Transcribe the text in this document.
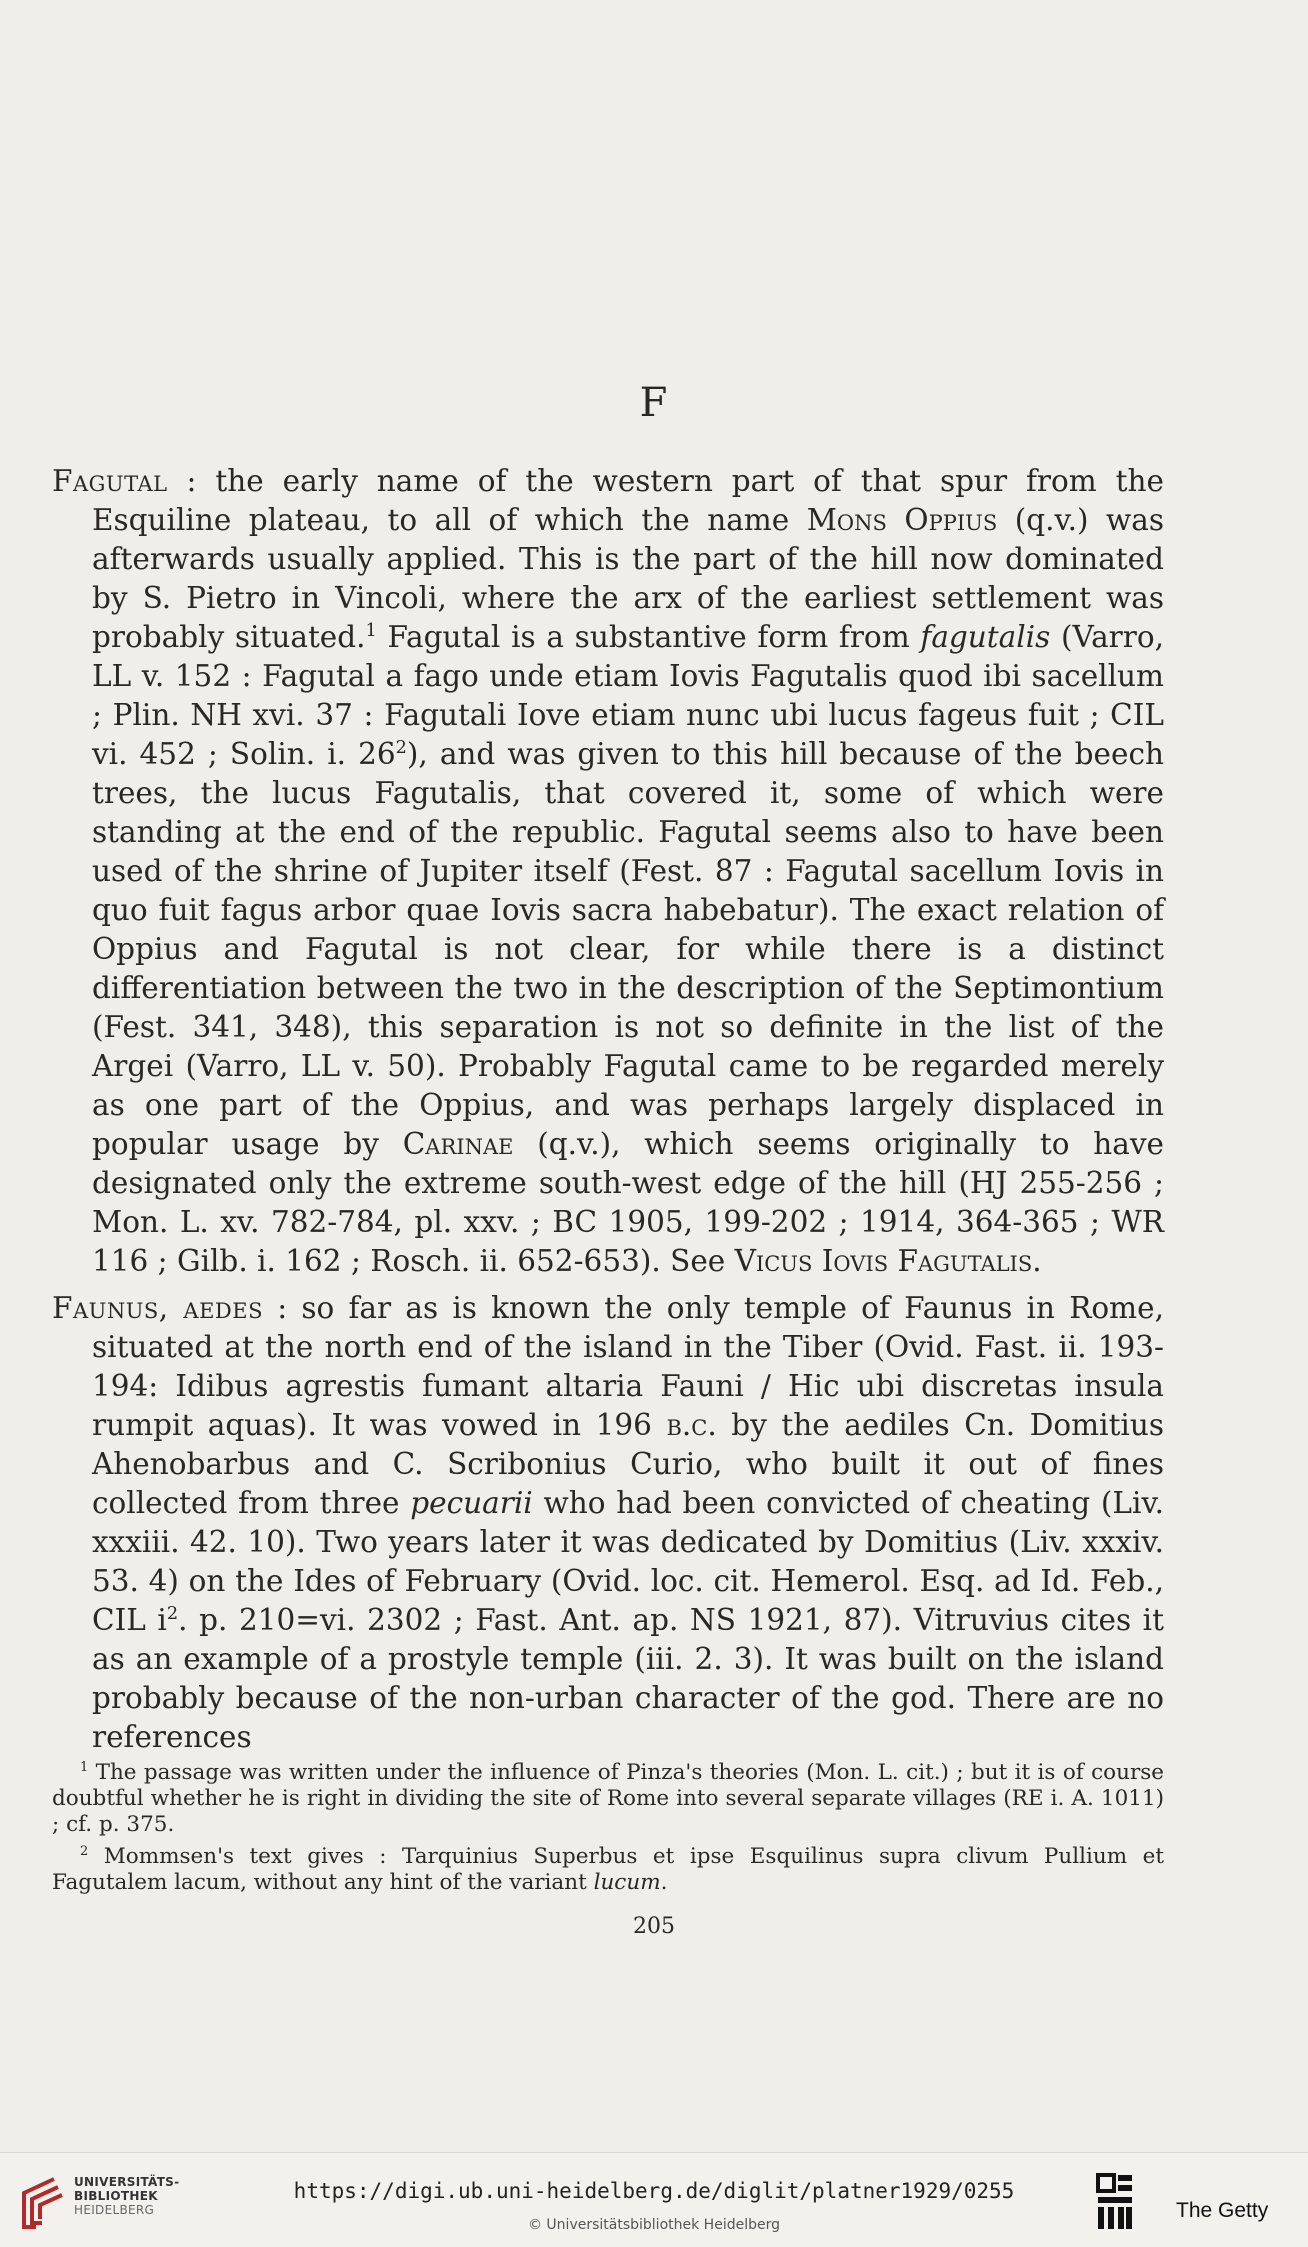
F

Fagutal : the early name of the western part of that spur from the Esquiline plateau, to all of which the name Mons Oppius (q.v.) was afterwards usually applied. This is the part of the hill now dominated by S. Pietro in Vincoli, where the arx of the earliest settlement was probably situated.$^1$ Fagutal is a substantive form from fagutalis (Varro, LL v. 152 : Fagutal a fago unde etiam Iovis Fagutalis quod ibi sacellum ; Plin. NH xvi. 37 : Fagutali Iove etiam nunc ubi lucus fageus fuit ; CIL vi. 452 ; Solin. i. $26^2$), and was given to this hill because of the beech trees, the lucus Fagutalis, that covered it, some of which were standing at the end of the republic. Fagutal seems also to have been used of the shrine of Jupiter itself (Fest. 87 : Fagutal sacellum Iovis in quo fuit fagus arbor quae Iovis sacra habebatur). The exact relation of Oppius and Fagutal is not clear, for while there is a distinct differentiation between the two in the description of the Septimontium (Fest. 341, 348), this separation is not so definite in the list of the Argei (Varro, LL v. 50). Probably Fagutal came to be regarded merely as one part of the Oppius, and was perhaps largely displaced in popular usage by Carinae (q.v.), which seems originally to have designated only the extreme south-west edge of the hill (HJ 255-256 ; Mon. L. xv. 782-784, pl. xxv. ; BC 1905, 199-202 ; 1914, 364-365 ; WR 116 ; Gilb. i. 162 ; Rosch. ii. 652-653). See Vicus Iovis Fagutalis.

Faunus, aedes : so far as is known the only temple of Faunus in Rome, situated at the north end of the island in the Tiber (Ovid. Fast. ii. 193-194: Idibus agrestis fumant altaria Fauni / Hic ubi discretas insula rumpit aquas). It was vowed in 196 b.c. by the aediles Cn. Domitius Ahenobarbus and C. Scribonius Curio, who built it out of fines collected from three pecuarii who had been convicted of cheating (Liv. xxxiii. 42. 10). Two years later it was dedicated by Domitius (Liv. xxxiv. 53. 4) on the Ides of February (Ovid. loc. cit. Hemerol. Esq. ad Id. Feb., CIL $i^2$. p. 210=vi. 2302 ; Fast. Ant. ap. NS 1921, 87). Vitruvius cites it as an example of a prostyle temple (iii. 2. 3). It was built on the island probably because of the non-urban character of the god. There are no references

$^1$ The passage was written under the influence of Pinza's theories (Mon. L. cit.) ; but it is of course doubtful whether he is right in dividing the site of Rome into several separate villages (RE i. A. 1011) ; cf. p. 375.

$^2$ Mommsen's text gives : Tarquinius Superbus et ipse Esquilinus supra clivum Pullium et Fagutalem lacum, without any hint of the variant lucum.

205
UNIVERSITÄTS-
BIBLIOTHEK
HEIDELBERG
https://digi.ub.uni-heidelberg.de/diglit/platner1929/0255
© Universitätsbibliothek Heidelberg
The Getty
